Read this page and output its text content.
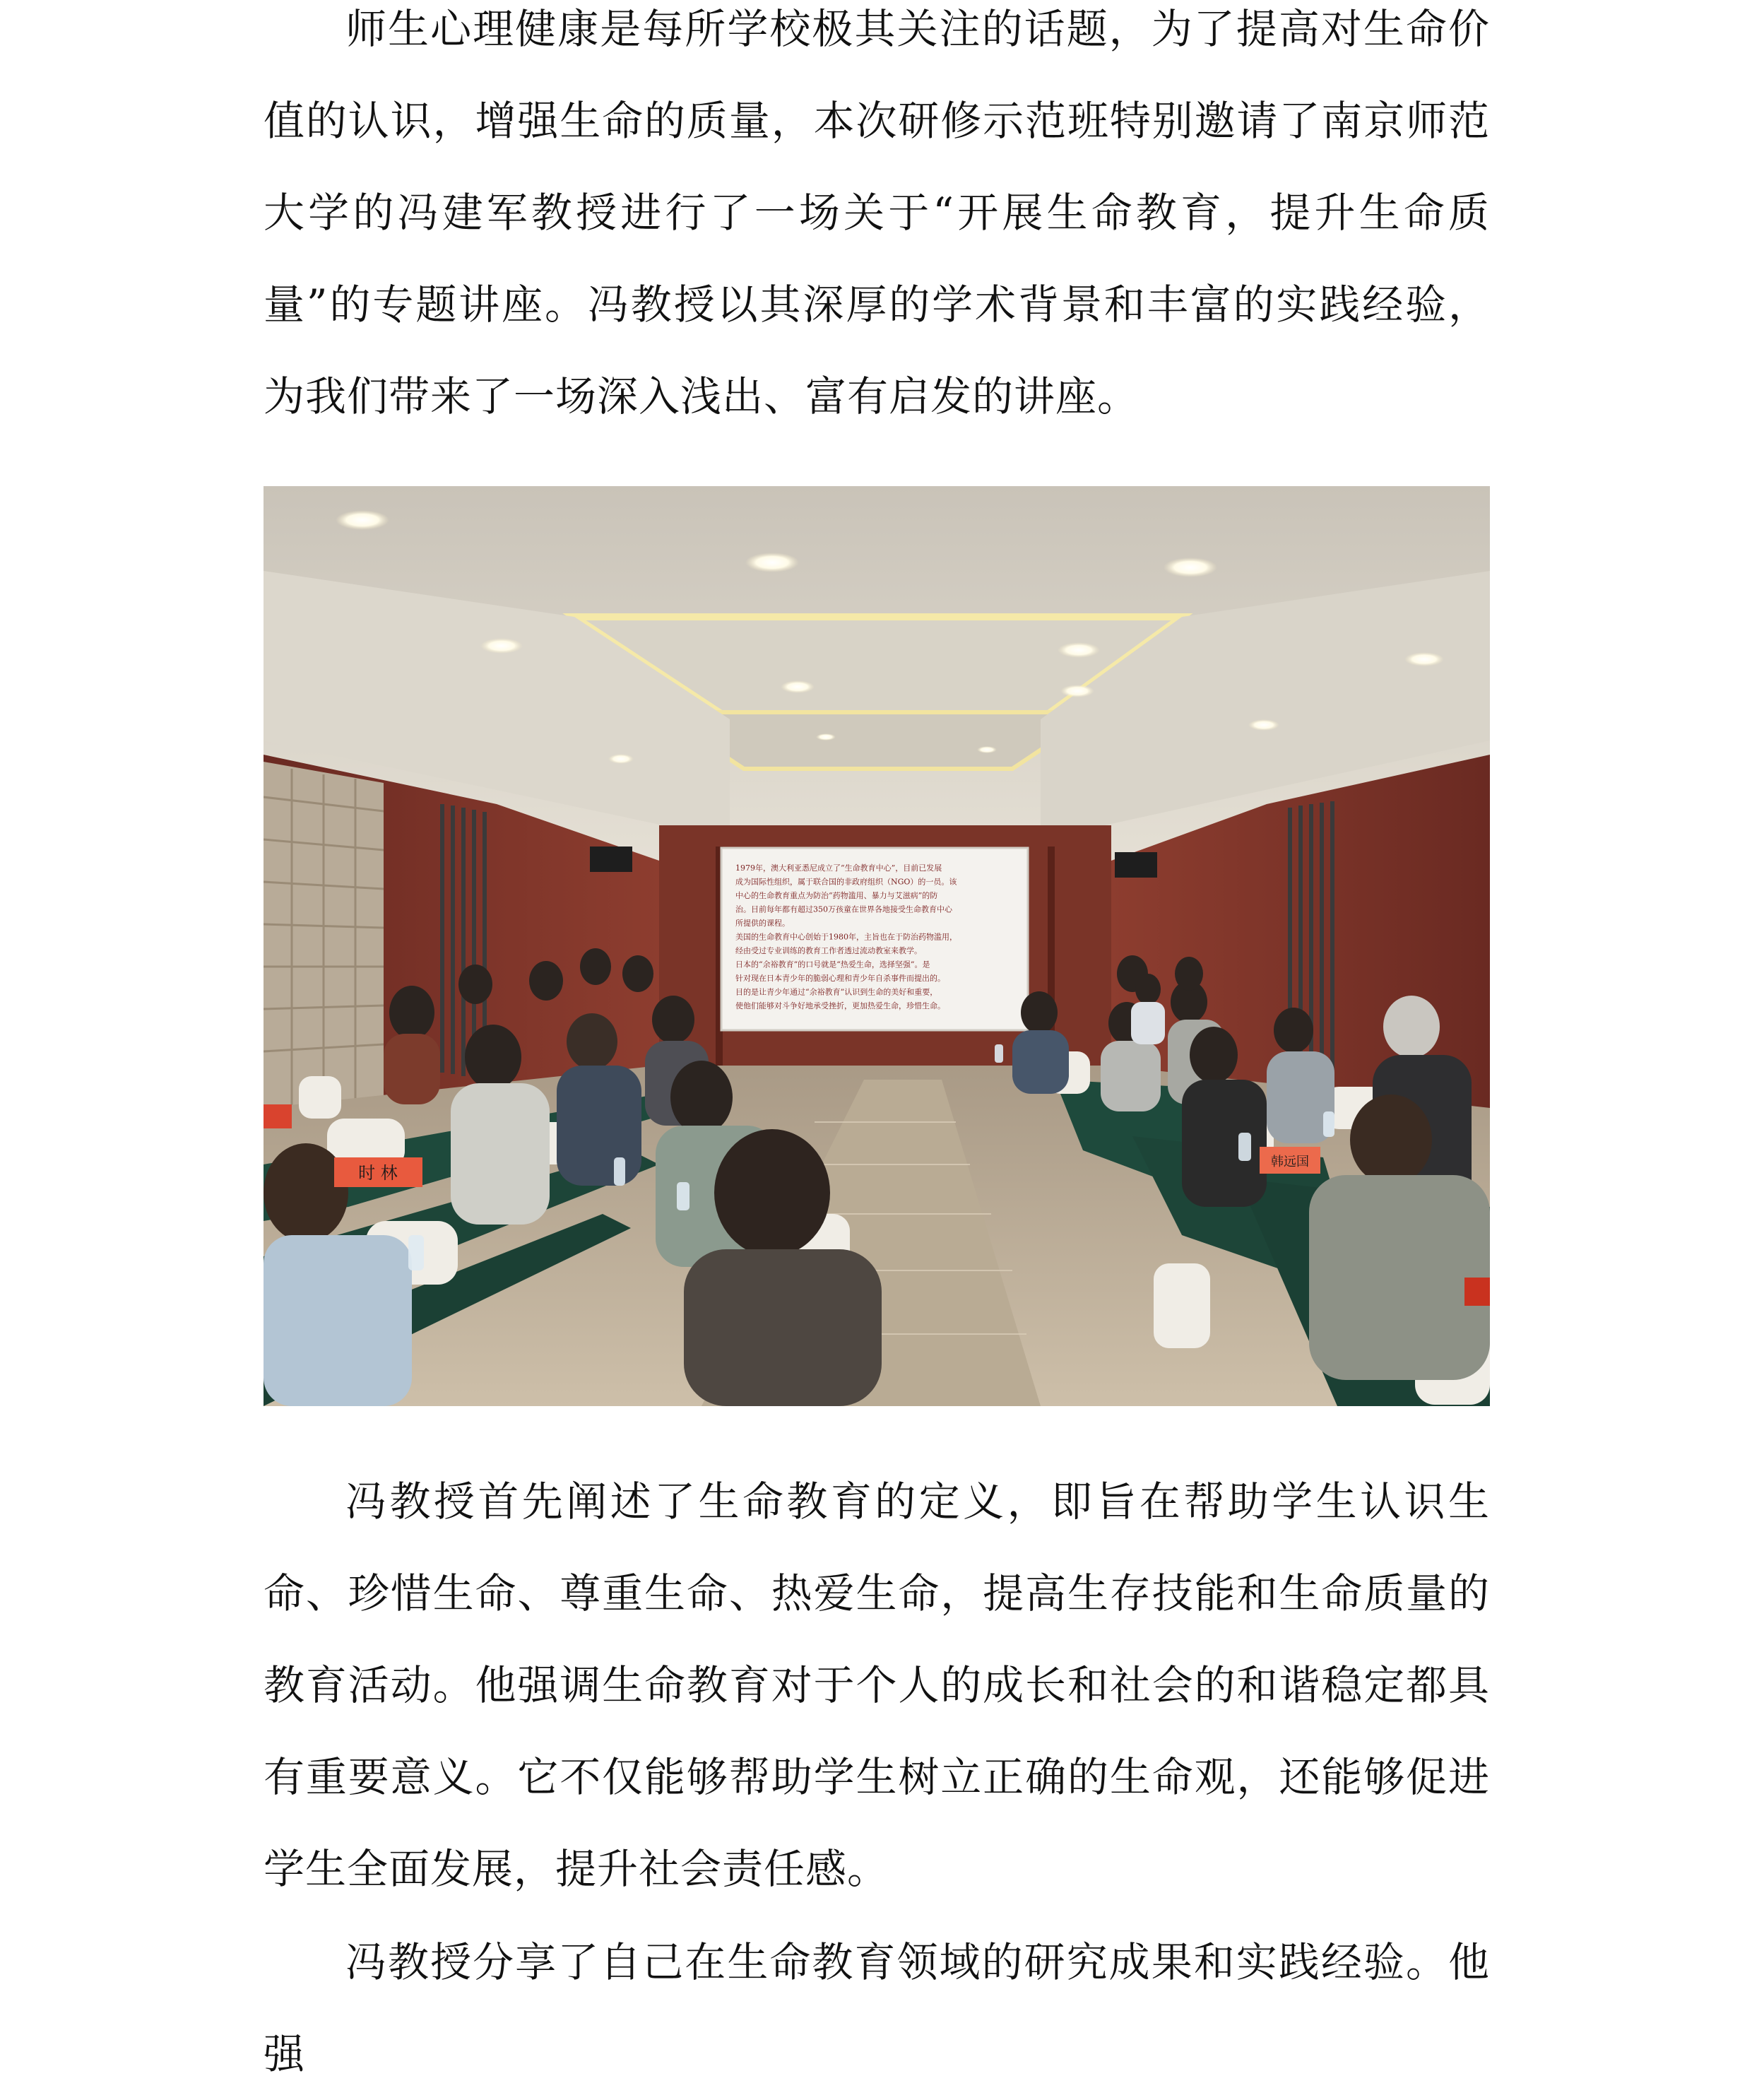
师生心理健康是每所学校极其关注的话题，为了提高对生命价值的认识，增强生命的质量，本次研修示范班特别邀请了南京师范大学的冯建军教授进行了一场关于“开展生命教育，提升生命质量”的专题讲座。冯教授以其深厚的学术背景和丰富的实践经验，为我们带来了一场深入浅出、富有启发的讲座。

1979年，澳大利亚悉尼成立了“生命教育中心”，目前已发展
成为国际性组织，属于联合国的非政府组织（NGO）的一员。该
中心的生命教育重点为防治“药物滥用、暴力与艾滋病”的防
治。目前每年都有超过350万孩童在世界各地接受生命教育中心
所提供的课程。
美国的生命教育中心创始于1980年，主旨也在于防治药物滥用，
经由受过专业训练的教育工作者透过流动教室来教学。
日本的“余裕教育”的口号就是“热爱生命，选择坚强”。是
针对现在日本青少年的脆弱心理和青少年自杀事件而提出的。
目的是让青少年通过“余裕教育”认识到生命的美好和重要，
使他们能够对斗争好地承受挫折，更加热爱生命，珍惜生命。
时 林
韩远国

冯教授首先阐述了生命教育的定义，即旨在帮助学生认识生命、珍惜生命、尊重生命、热爱生命，提高生存技能和生命质量的教育活动。他强调生命教育对于个人的成长和社会的和谐稳定都具有重要意义。它不仅能够帮助学生树立正确的生命观，还能够促进学生全面发展，提升社会责任感。

冯教授分享了自己在生命教育领域的研究成果和实践经验。他强
